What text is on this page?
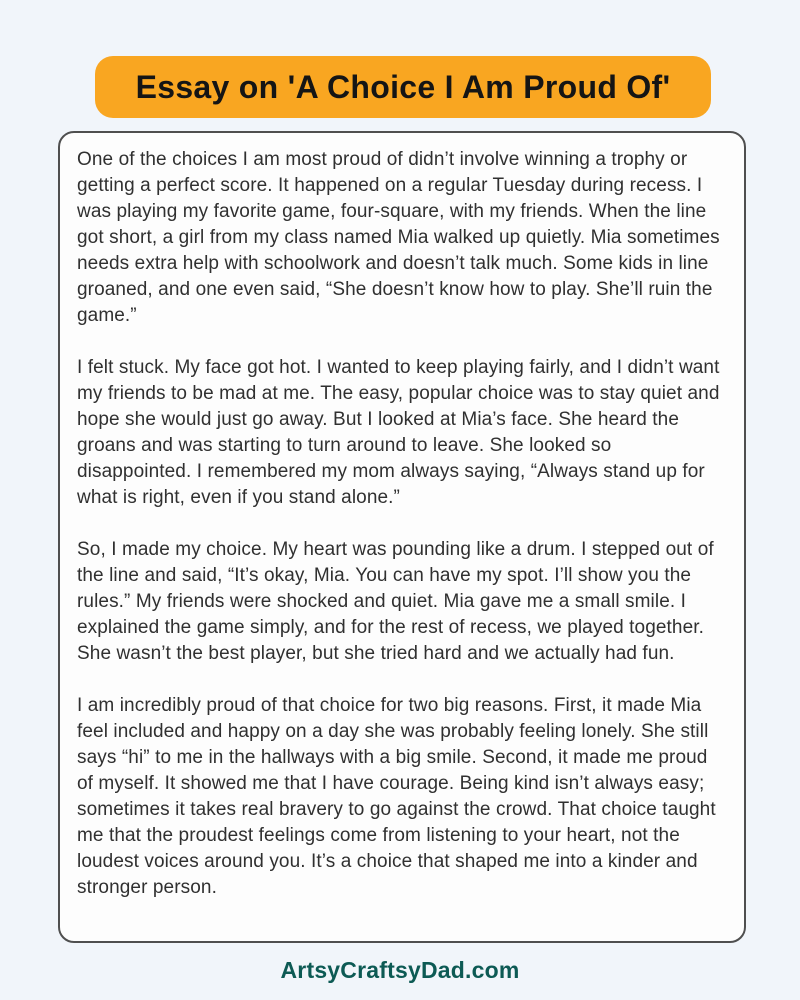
Essay on 'A Choice I Am Proud Of'

One of the choices I am most proud of didn’t involve winning a trophy or getting a perfect score. It happened on a regular Tuesday during recess. I was playing my favorite game, four-square, with my friends. When the line got short, a girl from my class named Mia walked up quietly. Mia sometimes needs extra help with schoolwork and doesn’t talk much. Some kids in line groaned, and one even said, “She doesn’t know how to play. She’ll ruin the game.”

I felt stuck. My face got hot. I wanted to keep playing fairly, and I didn’t want my friends to be mad at me. The easy, popular choice was to stay quiet and hope she would just go away. But I looked at Mia’s face. She heard the groans and was starting to turn around to leave. She looked so disappointed. I remembered my mom always saying, “Always stand up for what is right, even if you stand alone.”

So, I made my choice. My heart was pounding like a drum. I stepped out of the line and said, “It’s okay, Mia. You can have my spot. I’ll show you the rules.” My friends were shocked and quiet. Mia gave me a small smile. I explained the game simply, and for the rest of recess, we played together. She wasn’t the best player, but she tried hard and we actually had fun.

I am incredibly proud of that choice for two big reasons. First, it made Mia feel included and happy on a day she was probably feeling lonely. She still says “hi” to me in the hallways with a big smile. Second, it made me proud of myself. It showed me that I have courage. Being kind isn’t always easy; sometimes it takes real bravery to go against the crowd. That choice taught me that the proudest feelings come from listening to your heart, not the loudest voices around you. It’s a choice that shaped me into a kinder and stronger person.

ArtsyCraftsyDad.com
